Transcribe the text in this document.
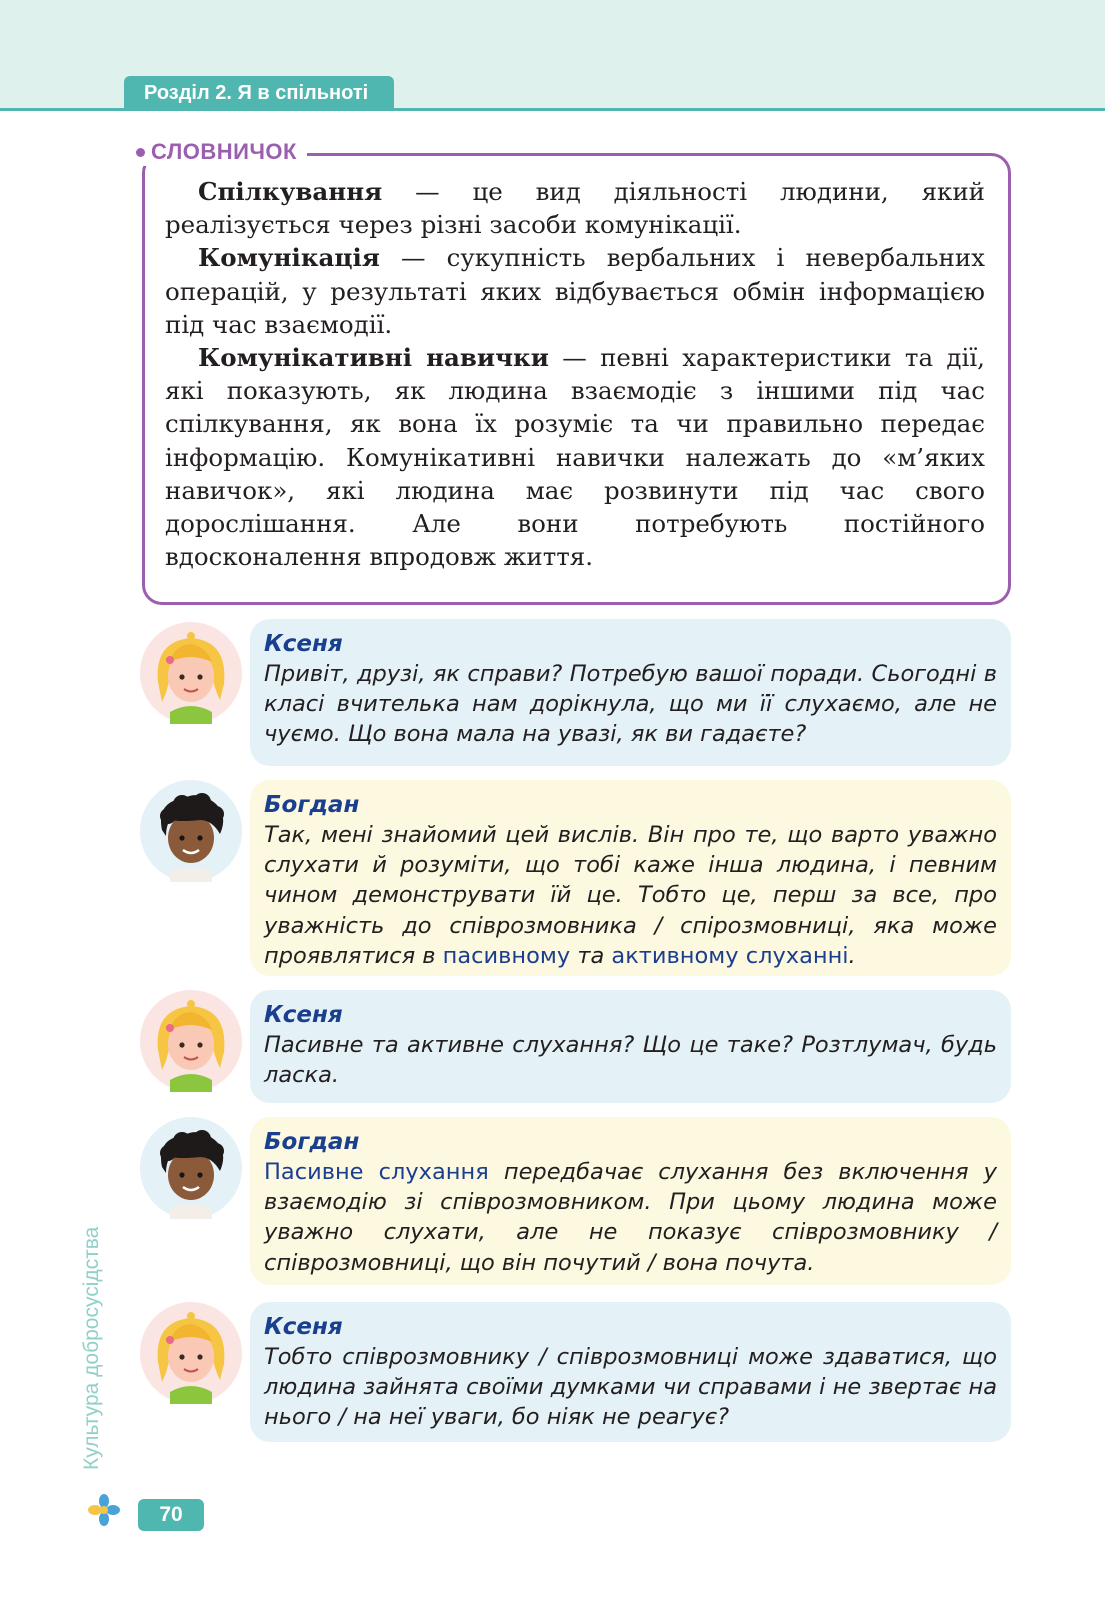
Розділ 2. Я в спільноті
СЛОВНИЧОК

Спілкування — це вид діяльності людини, який реалізується через різні засоби комунікації.

Комунікація — сукупність вербальних і невербальних операцій, у результаті яких відбувається обмін інформацією під час взаємодії.

Комунікативні навички — певні характеристики та дії, які показують, як людина взаємодіє з іншими під час спілкування, як вона їх розуміє та чи правильно передає інформацію. Комунікативні навички належать до «м’яких навичок», які людина має розвинути під час свого дорослішання. Але вони потребують постійного вдосконалення впродовж життя.

Ксеня
Привіт, друзі, як справи? Потребую вашої поради. Сьогодні в класі вчителька нам дорікнула, що ми її слухаємо, але не чуємо. Що вона мала на увазі, як ви гадаєте?
Богдан
Так, мені знайомий цей вислів. Він про те, що варто уважно слухати й розуміти, що тобі каже інша людина, і певним чином демонструвати їй це. Тобто це, перш за все, про уважність до співрозмовника / спірозмовниці, яка може проявлятися в пасивному та активному слуханні.
Ксеня
Пасивне та активне слухання? Що це таке? Розтлумач, будь ласка.
Богдан
Пасивне слухання передбачає слухання без включення у взаємодію зі співрозмовником. При цьому людина може уважно слухати, але не показує співрозмовнику / співрозмовниці, що він почутий / вона почута.
Ксеня
Тобто співрозмовнику / співрозмовниці може здаватися, що людина зайнята своїми думками чи справами і не звертає на нього / на неї уваги, бо ніяк не реагує?
Культура добросусідства
70
